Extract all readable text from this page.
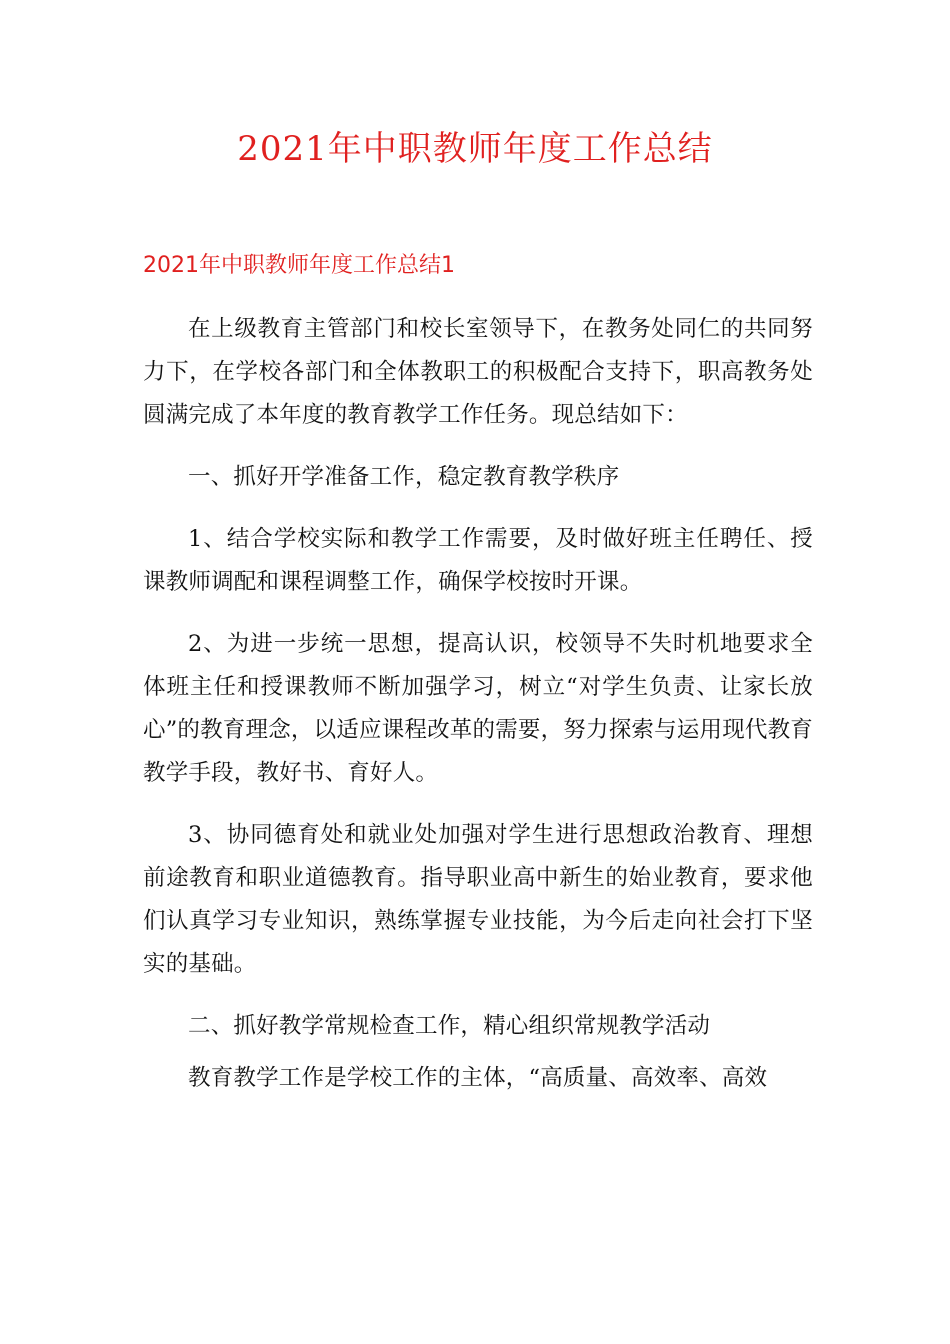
2021年中职教师年度工作总结
2021年中职教师年度工作总结1

在上级教育主管部门和校长室领导下，在教务处同仁的共同努力下，在学校各部门和全体教职工的积极配合支持下，职高教务处圆满完成了本年度的教育教学工作任务。现总结如下：

一、抓好开学准备工作，稳定教育教学秩序

1、结合学校实际和教学工作需要，及时做好班主任聘任、授课教师调配和课程调整工作，确保学校按时开课。

2、为进一步统一思想，提高认识，校领导不失时机地要求全体班主任和授课教师不断加强学习，树立“对学生负责、让家长放心”的教育理念，以适应课程改革的需要，努力探索与运用现代教育教学手段，教好书、育好人。

3、协同德育处和就业处加强对学生进行思想政治教育、理想前途教育和职业道德教育。指导职业高中新生的始业教育，要求他们认真学习专业知识，熟练掌握专业技能，为今后走向社会打下坚实的基础。

二、抓好教学常规检查工作，精心组织常规教学活动

教育教学工作是学校工作的主体，“高质量、高效率、高效
